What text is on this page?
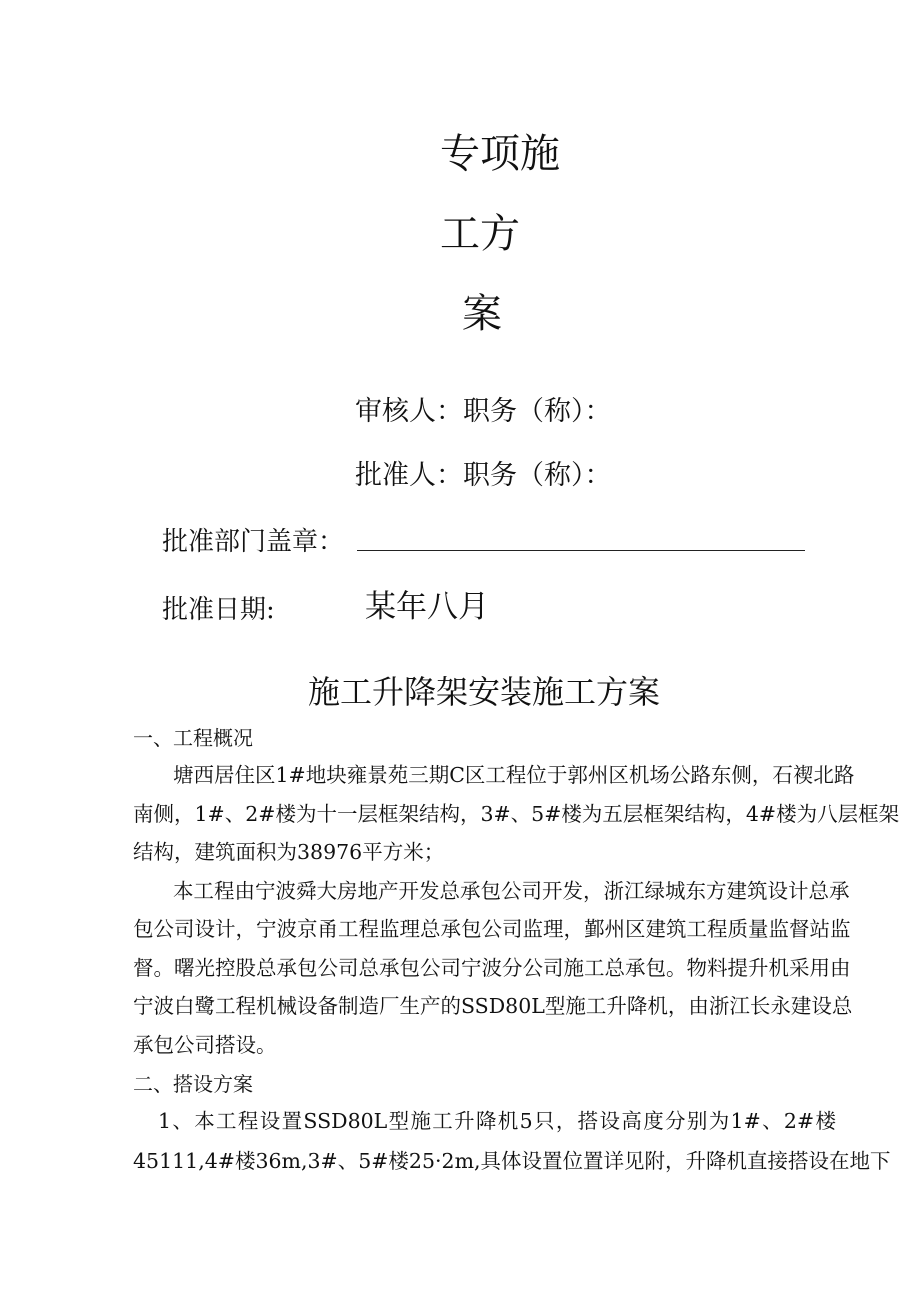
专项施
工方
案
审核人：职务（称）：
批准人：职务（称）：
批准部门盖章：
批准日期:	某年八月
施工升降架安装施工方案
一、工程概况
塘西居住区1#地块雍景苑三期C区工程位于郭州区机场公路东侧，石褉北路
南侧，1#、2#楼为十一层框架结构，3#、5#楼为五层框架结构，4#楼为八层框架
结构，建筑面积为38976平方米；
本工程由宁波舜大房地产开发总承包公司开发，浙江绿城东方建筑设计总承
包公司设计，宁波京甬工程监理总承包公司监理，鄞州区建筑工程质量监督站监
督。曙光控股总承包公司总承包公司宁波分公司施工总承包。物料提升机采用由
宁波白鹭工程机械设备制造厂生产的SSD80L型施工升降机，由浙江长永建设总
承包公司搭设。
二、搭设方案
1、本工程设置SSD80L型施工升降机5只，搭设高度分别为1#、2#楼
45111,4#楼36m,3#、5#楼25·2m,具体设置位置详见附，升降机直接搭设在地下
